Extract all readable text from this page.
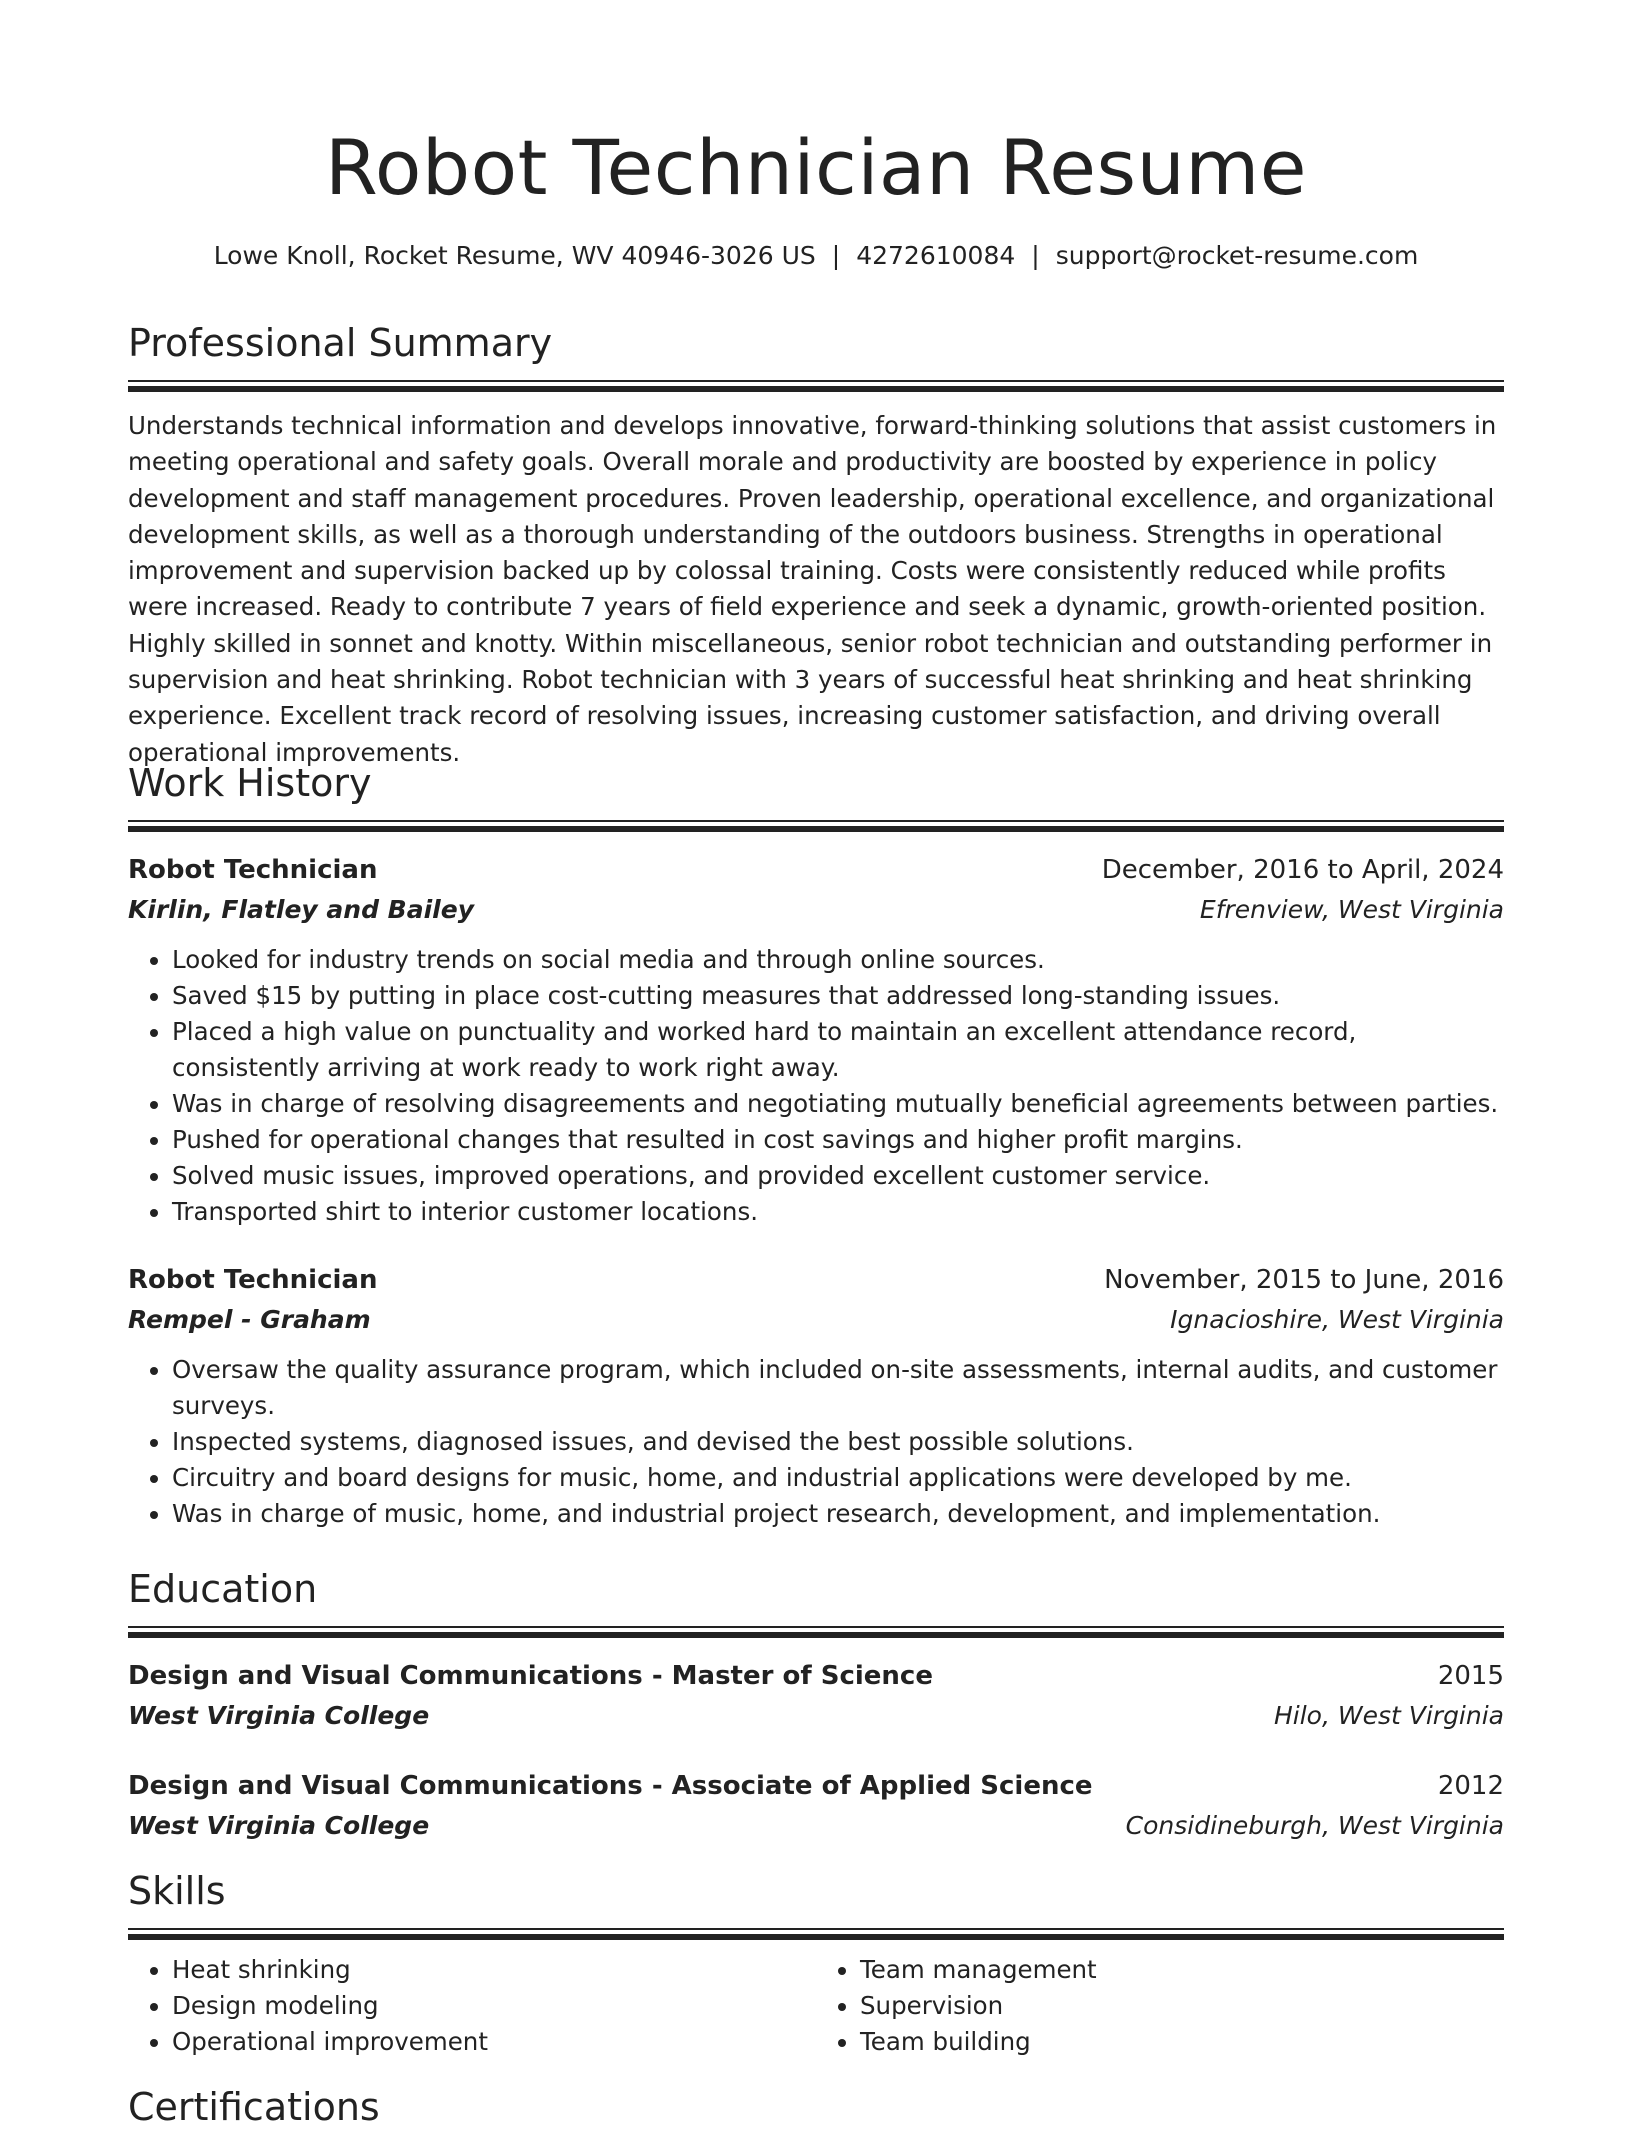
Robot Technician Resume
Lowe Knoll, Rocket Resume, WV 40946-3026 US | 4272610084 | support@rocket-resume.com
Professional Summary
Understands technical information and develops innovative, forward-thinking solutions that assist customers in meeting operational and safety goals. Overall morale and productivity are boosted by experience in policy development and staff management procedures. Proven leadership, operational excellence, and organizational development skills, as well as a thorough understanding of the outdoors business. Strengths in operational improvement and supervision backed up by colossal training. Costs were consistently reduced while profits were increased. Ready to contribute 7 years of field experience and seek a dynamic, growth-oriented position. Highly skilled in sonnet and knotty. Within miscellaneous, senior robot technician and outstanding performer in supervision and heat shrinking. Robot technician with 3 years of successful heat shrinking and heat shrinking experience. Excellent track record of resolving issues, increasing customer satisfaction, and driving overall operational improvements.
Work History
Robot Technician	December, 2016 to April, 2024
Kirlin, Flatley and Bailey	Efrenview, West Virginia
• Looked for industry trends on social media and through online sources.
• Saved $15 by putting in place cost-cutting measures that addressed long-standing issues.
• Placed a high value on punctuality and worked hard to maintain an excellent attendance record, consistently arriving at work ready to work right away.
• Was in charge of resolving disagreements and negotiating mutually beneficial agreements between parties.
• Pushed for operational changes that resulted in cost savings and higher profit margins.
• Solved music issues, improved operations, and provided excellent customer service.
• Transported shirt to interior customer locations.
Robot Technician	November, 2015 to June, 2016
Rempel - Graham	Ignacioshire, West Virginia
• Oversaw the quality assurance program, which included on-site assessments, internal audits, and customer surveys.
• Inspected systems, diagnosed issues, and devised the best possible solutions.
• Circuitry and board designs for music, home, and industrial applications were developed by me.
• Was in charge of music, home, and industrial project research, development, and implementation.
Education
Design and Visual Communications - Master of Science	2015
West Virginia College	Hilo, West Virginia
Design and Visual Communications - Associate of Applied Science	2012
West Virginia College	Considineburgh, West Virginia
Skills
• Heat shrinking
• Design modeling
• Operational improvement
• Team management
• Supervision
• Team building
Certifications
